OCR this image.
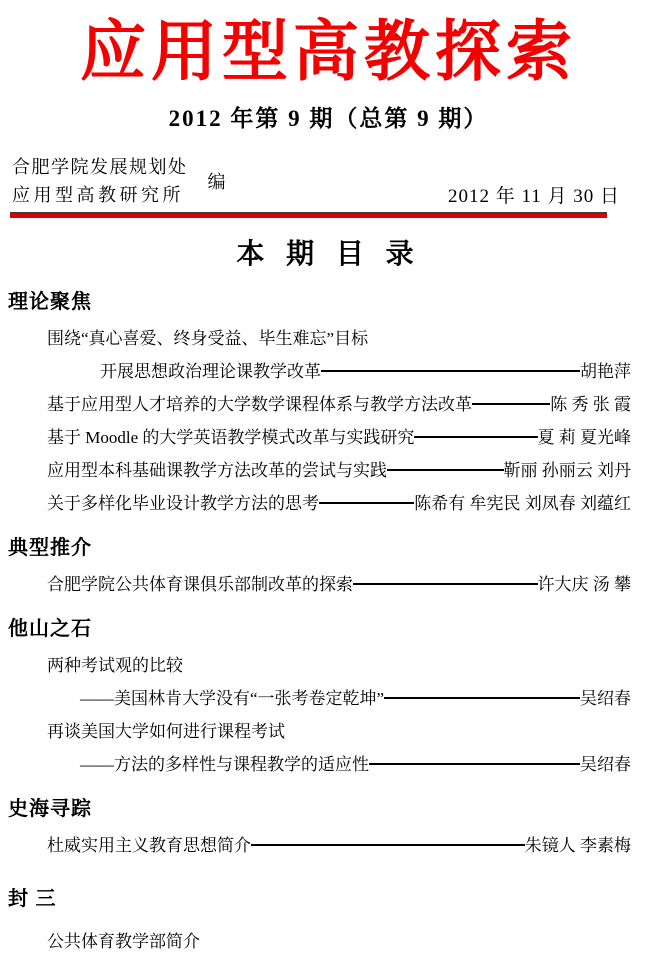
应用型高教探索
2012 年第 9 期（总第 9 期）
合肥学院发展规划处
应用型高教研究所
编
2012 年 11 月 30 日
本 期 目 录
理论聚焦
围绕“真心喜爱、终身受益、毕生难忘”目标
开展思想政治理论课教学改革	胡艳萍
基于应用型人才培养的大学数学课程体系与教学方法改革	陈 秀 张 霞
基于 Moodle 的大学英语教学模式改革与实践研究	夏 莉 夏光峰
应用型本科基础课教学方法改革的尝试与实践	靳丽 孙丽云 刘丹
关于多样化毕业设计教学方法的思考	陈希有 牟宪民 刘凤春 刘蕴红
典型推介
合肥学院公共体育课俱乐部制改革的探索	许大庆 汤 攀
他山之石
两种考试观的比较
——美国林肯大学没有“一张考卷定乾坤”	吴绍春
再谈美国大学如何进行课程考试
——方法的多样性与课程教学的适应性	吴绍春
史海寻踪
杜威实用主义教育思想简介	朱镜人 李素梅
封 三
公共体育教学部简介
